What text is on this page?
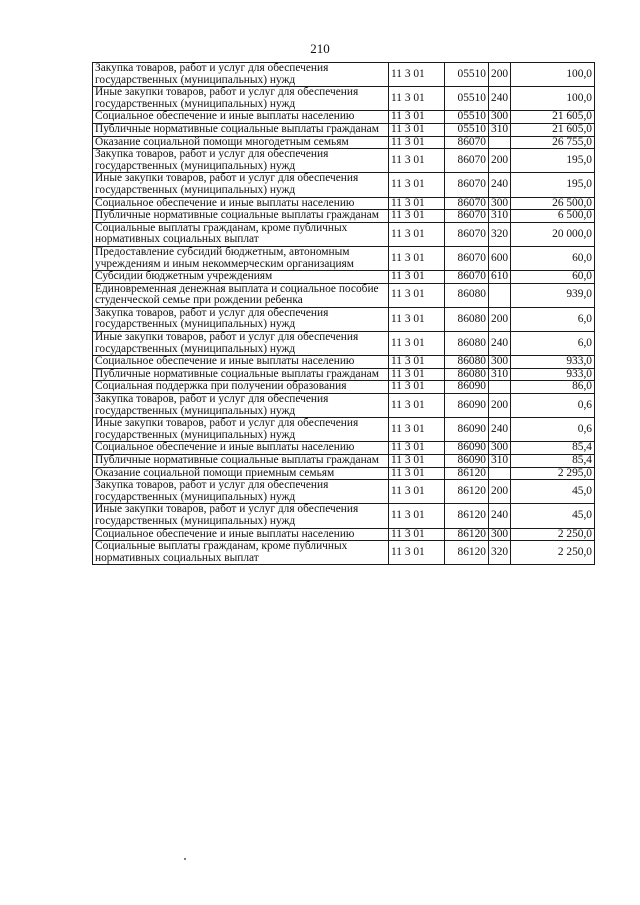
210
Закупка товаров, работ и услуг для обеспечения государственных (муниципальных) нужд	11 3 01	05510	200	100,0
Иные закупки товаров, работ и услуг для обеспечения государственных (муниципальных) нужд	11 3 01	05510	240	100,0
Социальное обеспечение и иные выплаты населению	11 3 01	05510	300	21 605,0
Публичные нормативные социальные выплаты гражданам	11 3 01	05510	310	21 605,0
Оказание социальной помощи многодетным семьям	11 3 01	86070		26 755,0
Закупка товаров, работ и услуг для обеспечения государственных (муниципальных) нужд	11 3 01	86070	200	195,0
Иные закупки товаров, работ и услуг для обеспечения государственных (муниципальных) нужд	11 3 01	86070	240	195,0
Социальное обеспечение и иные выплаты населению	11 3 01	86070	300	26 500,0
Публичные нормативные социальные выплаты гражданам	11 3 01	86070	310	6 500,0
Социальные выплаты гражданам, кроме публичных нормативных социальных выплат	11 3 01	86070	320	20 000,0
Предоставление субсидий бюджетным, автономным учреждениям и иным некоммерческим организациям	11 3 01	86070	600	60,0
Субсидии бюджетным учреждениям	11 3 01	86070	610	60,0
Единовременная денежная выплата и социальное пособие студенческой семье при рождении ребенка	11 3 01	86080		939,0
Закупка товаров, работ и услуг для обеспечения государственных (муниципальных) нужд	11 3 01	86080	200	6,0
Иные закупки товаров, работ и услуг для обеспечения государственных (муниципальных) нужд	11 3 01	86080	240	6,0
Социальное обеспечение и иные выплаты населению	11 3 01	86080	300	933,0
Публичные нормативные социальные выплаты гражданам	11 3 01	86080	310	933,0
Социальная поддержка при получении образования	11 3 01	86090		86,0
Закупка товаров, работ и услуг для обеспечения государственных (муниципальных) нужд	11 3 01	86090	200	0,6
Иные закупки товаров, работ и услуг для обеспечения государственных (муниципальных) нужд	11 3 01	86090	240	0,6
Социальное обеспечение и иные выплаты населению	11 3 01	86090	300	85,4
Публичные нормативные социальные выплаты гражданам	11 3 01	86090	310	85,4
Оказание социальной помощи приемным семьям	11 3 01	86120		2 295,0
Закупка товаров, работ и услуг для обеспечения государственных (муниципальных) нужд	11 3 01	86120	200	45,0
Иные закупки товаров, работ и услуг для обеспечения государственных (муниципальных) нужд	11 3 01	86120	240	45,0
Социальное обеспечение и иные выплаты населению	11 3 01	86120	300	2 250,0
Социальные выплаты гражданам, кроме публичных нормативных социальных выплат	11 3 01	86120	320	2 250,0
